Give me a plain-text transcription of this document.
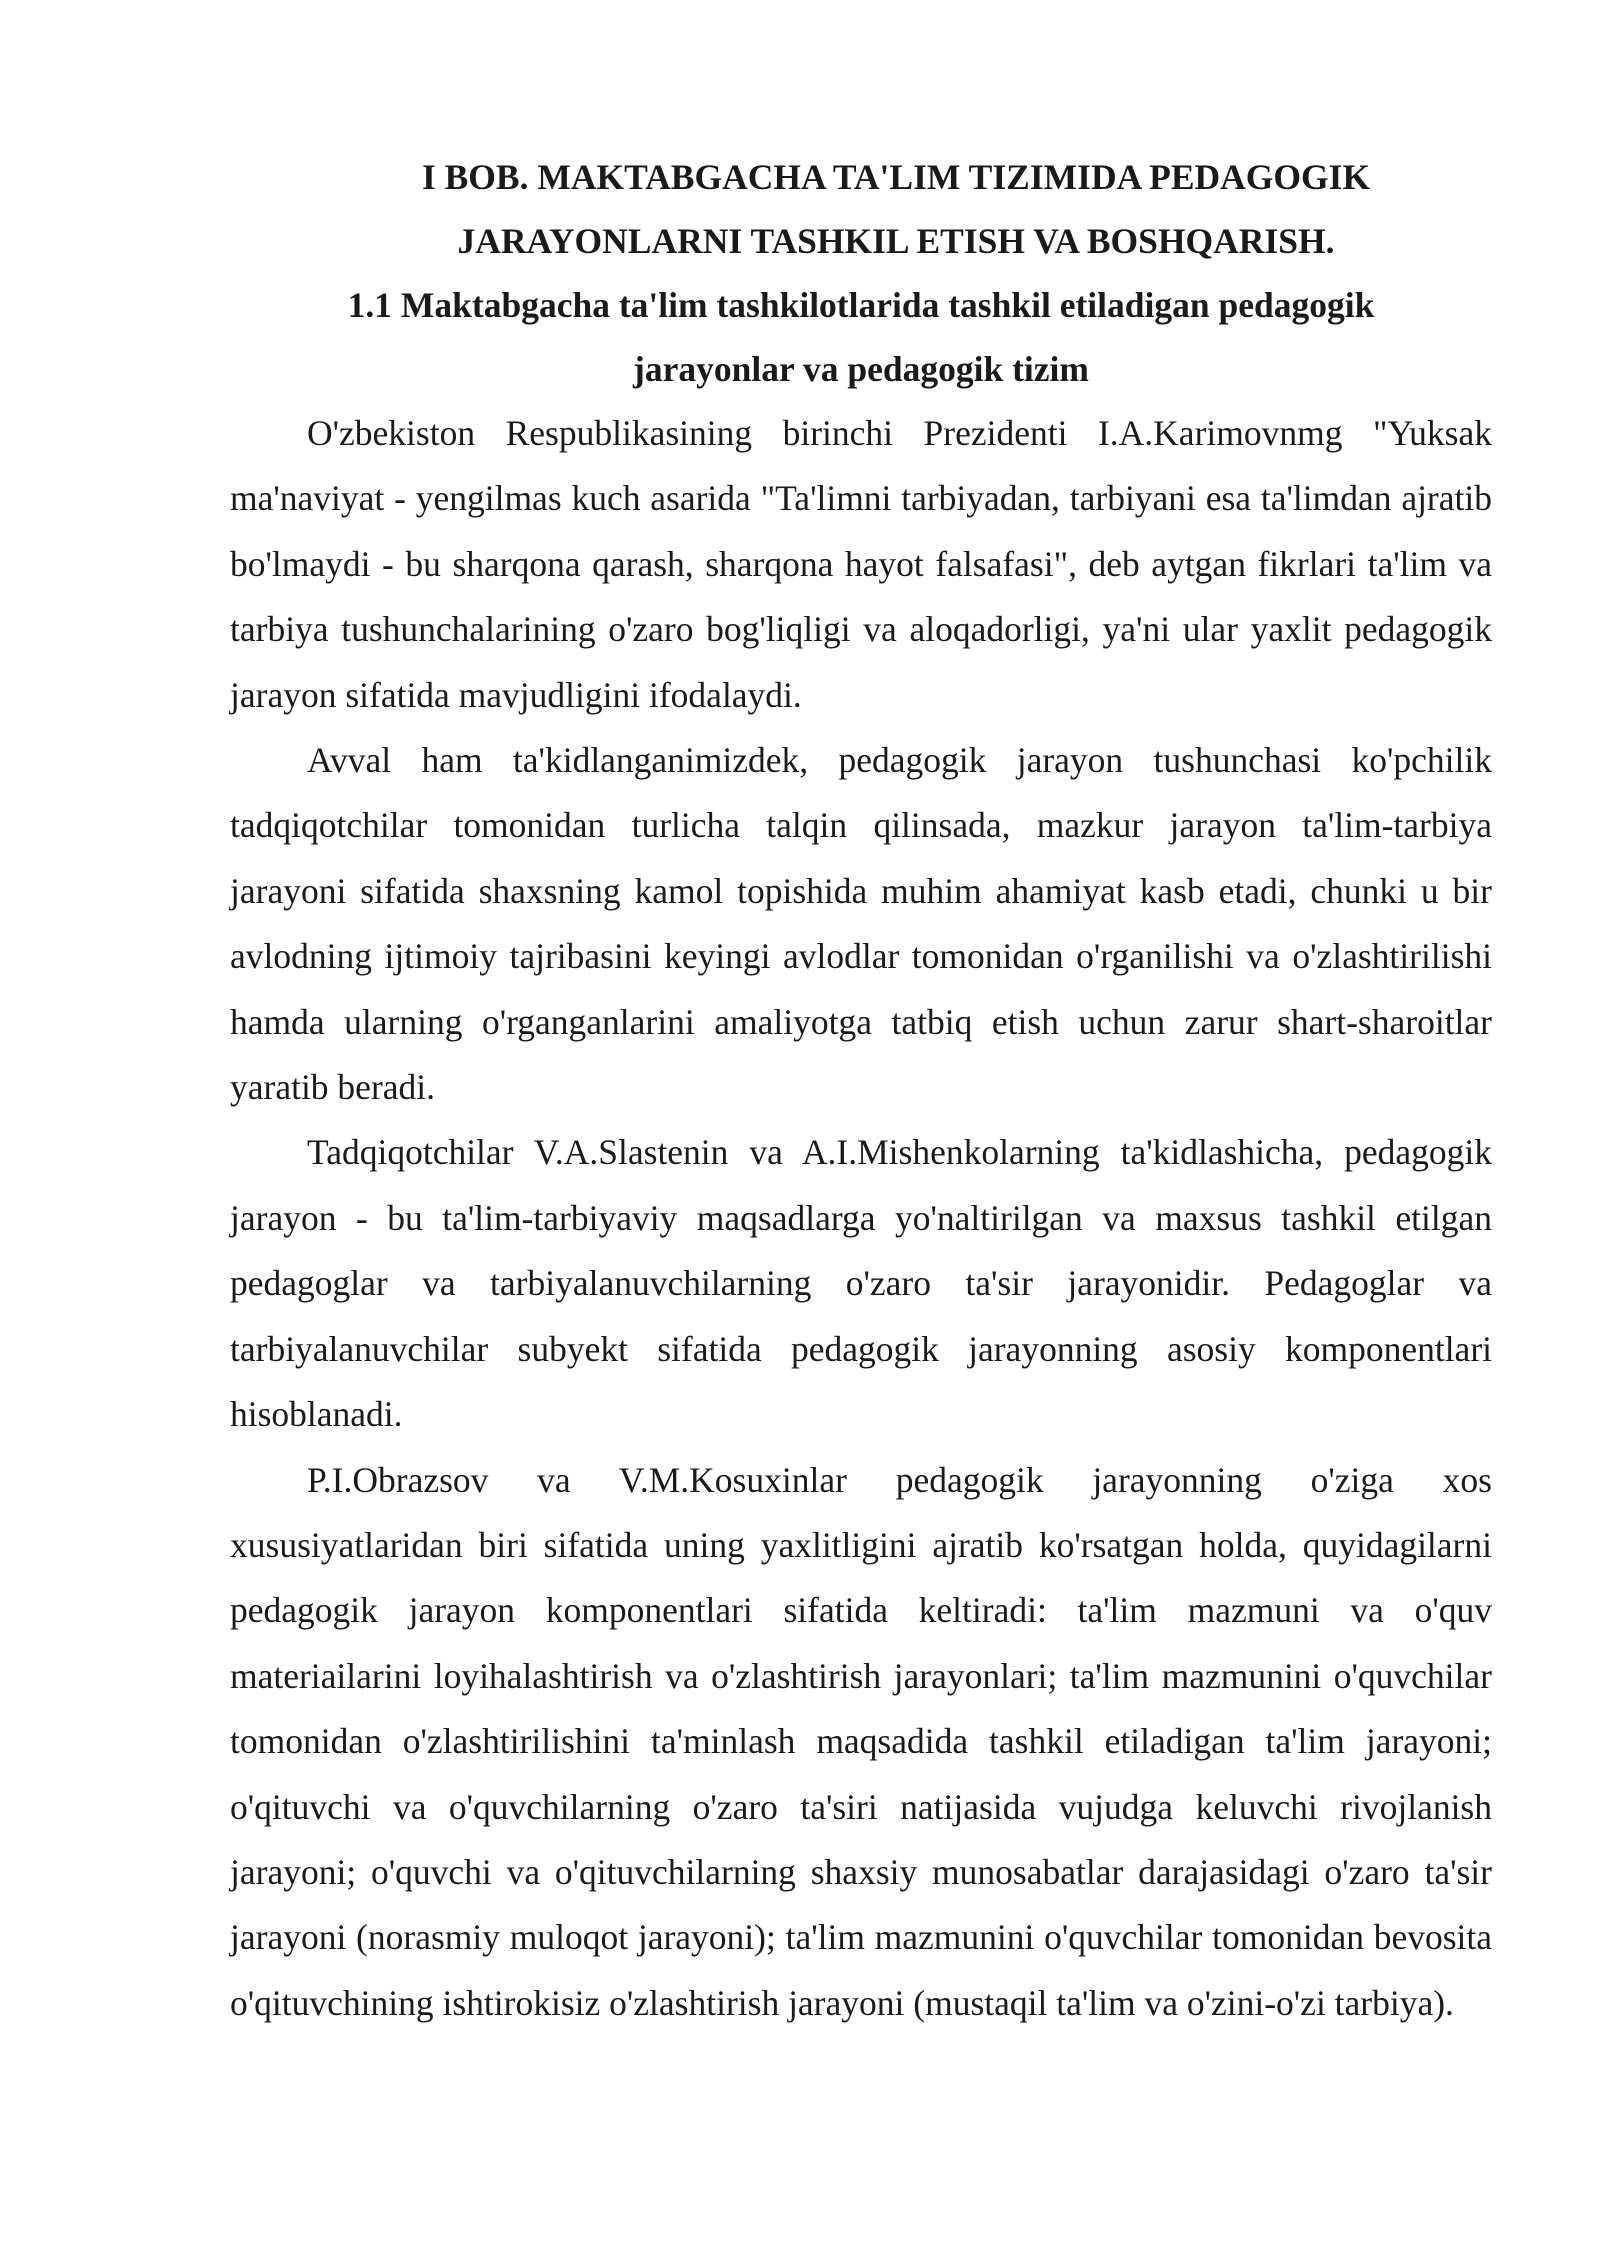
I BOB. MAKTABGACHA TA'LIM TIZIMIDA PEDAGOGIK
JARAYONLARNI TASHKIL ETISH VA BOSHQARISH.

1.1 Maktabgacha ta'lim tashkilotlarida tashkil etiladigan pedagogik
jarayonlar va pedagogik tizim

O'zbekiston Respublikasining birinchi Prezidenti I.A.Karimovnmg "Yuksak ma'naviyat - yengilmas kuch asarida "Ta'limni tarbiyadan, tarbiyani esa ta'limdan ajratib bo'lmaydi - bu sharqona qarash, sharqona hayot falsafasi", deb aytgan fikrlari ta'lim va tarbiya tushunchalarining o'zaro bog'liqligi va aloqadorligi, ya'ni ular yaxlit pedagogik jarayon sifatida mavjudligini ifodalaydi.

Avval ham ta'kidlanganimizdek, pedagogik jarayon tushunchasi ko'pchilik tadqiqotchilar tomonidan turlicha talqin qilinsada, mazkur jarayon ta'lim-tarbiya jarayoni sifatida shaxsning kamol topishida muhim ahamiyat kasb etadi, chunki u bir avlodning ijtimoiy tajribasini keyingi avlodlar tomonidan o'rganilishi va o'zlashtirilishi hamda ularning o'rganganlarini amaliyotga tatbiq etish uchun zarur shart-sharoitlar yaratib beradi.

Tadqiqotchilar V.A.Slastenin va A.I.Mishenkolarning ta'kidlashicha, pedagogik jarayon - bu ta'lim-tarbiyaviy maqsadlarga yo'naltirilgan va maxsus tashkil etilgan pedagoglar va tarbiyalanuvchilarning o'zaro ta'sir jarayonidir. Pedagoglar va tarbiyalanuvchilar subyekt sifatida pedagogik jarayonning asosiy komponentlari hisoblanadi.

P.I.Obrazsov va V.M.Kosuxinlar pedagogik jarayonning o'ziga xos xususiyatlaridan biri sifatida uning yaxlitligini ajratib ko'rsatgan holda, quyidagilarni pedagogik jarayon komponentlari sifatida keltiradi: ta'lim mazmuni va o'quv materiailarini loyihalashtirish va o'zlashtirish jarayonlari; ta'lim mazmunini o'quvchilar tomonidan o'zlashtirilishini ta'minlash maqsadida tashkil etiladigan ta'lim jarayoni; o'qituvchi va o'quvchilarning o'zaro ta'siri natijasida vujudga keluvchi rivojlanish jarayoni; o'quvchi va o'qituvchilarning shaxsiy munosabatlar darajasidagi o'zaro ta'sir jarayoni (norasmiy muloqot jarayoni); ta'lim mazmunini o'quvchilar tomonidan bevosita o'qituvchining ishtirokisiz o'zlashtirish jarayoni (mustaqil ta'lim va o'zini-o'zi tarbiya).
